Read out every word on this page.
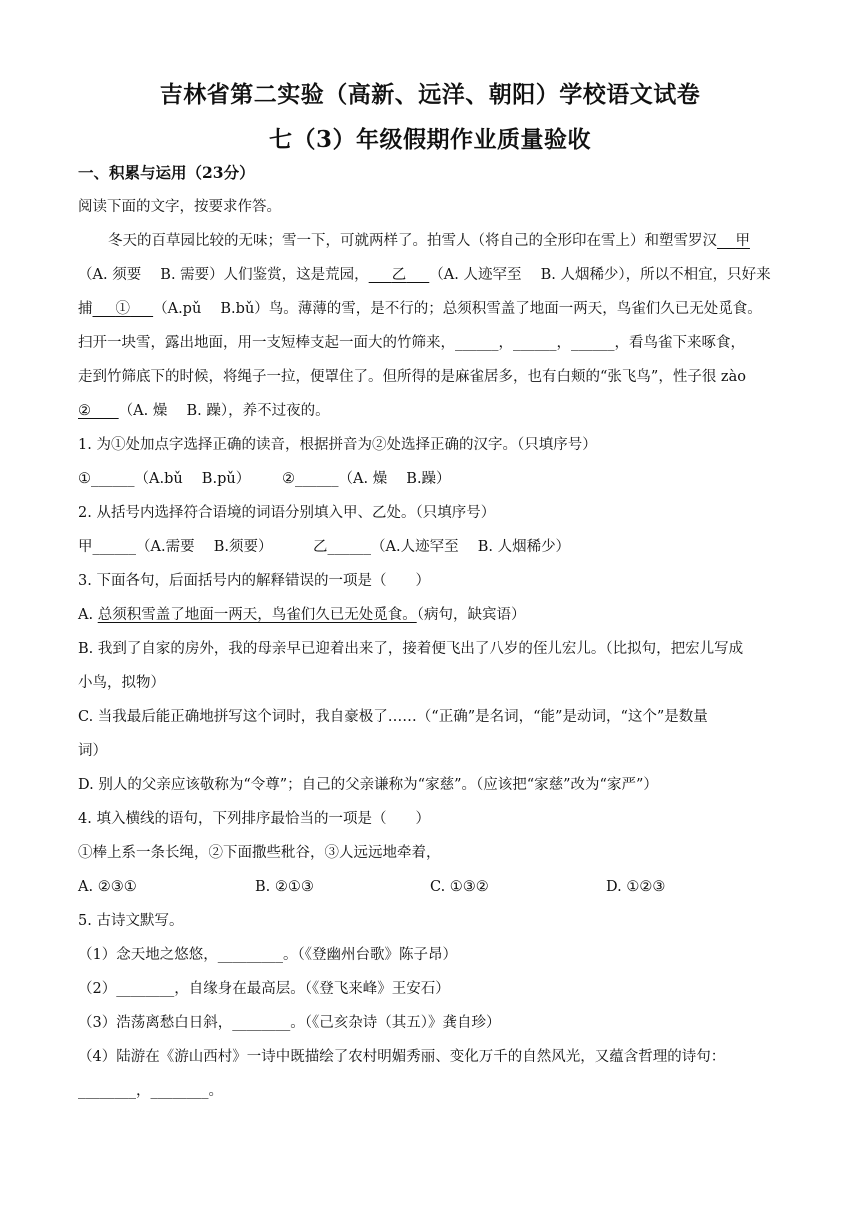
吉林省第二实验（高新、远洋、朝阳）学校语文试卷
七（3）年级假期作业质量验收
一、积累与运用（23分）
阅读下面的文字，按要求作答。
冬天的百草园比较的无味；雪一下，可就两样了。拍雪人（将自己的全形印在雪上）和塑雪罗汉 甲
（A. 须要　 B. 需要）人们鉴赏，这是荒园， 乙 （A. 人迹罕至　 B. 人烟稀少），所以不相宜，只好来
捕 ① （A.pǔ　 B.bǔ）鸟。薄薄的雪，是不行的；总须积雪盖了地面一两天，鸟雀们久已无处觅食。
扫开一块雪，露出地面，用一支短棒支起一面大的竹筛来，______，______，______，看鸟雀下来啄食，
走到竹筛底下的时候，将绳子一拉，便罩住了。但所得的是麻雀居多，也有白颊的“张飞鸟”，性子很 zào
② （A. 燥　 B. 躁），养不过夜的。
1. 为①处加点字选择正确的读音，根据拼音为②处选择正确的汉字。（只填序号）
①______（A.bǔ　 B.pǔ） ②______（A. 燥　 B.躁）
2. 从括号内选择符合语境的词语分别填入甲、乙处。（只填序号）
甲______（A.需要　 B.须要）	乙______（A.人迹罕至　 B. 人烟稀少）
3. 下面各句，后面括号内的解释错误的一项是（　　）
A. 总须积雪盖了地面一两天，鸟雀们久已无处觅食。（病句，缺宾语）
B. 我到了自家的房外，我的母亲早已迎着出来了，接着便飞出了八岁的侄儿宏儿。（比拟句，把宏儿写成
小鸟，拟物）
C. 当我最后能正确地拼写这个词时，我自豪极了……（“正确”是名词，“能”是动词，“这个”是数量
词）
D. 别人的父亲应该敬称为“令尊”；自己的父亲谦称为“家慈”。（应该把“家慈”改为“家严”）
4. 填入横线的语句，下列排序最恰当的一项是（　　）
①棒上系一条长绳，②下面撒些秕谷，③人远远地牵着，
A. ②③①	B. ②①③	C. ①③②	D. ①②③
5. 古诗文默写。
（1）念天地之悠悠，_________。（《登幽州台歌》陈子昂）
（2）________，自缘身在最高层。（《登飞来峰》王安石）
（3）浩荡离愁白日斜，________。（《己亥杂诗（其五）》龚自珍）
（4）陆游在《游山西村》一诗中既描绘了农村明媚秀丽、变化万千的自然风光，又蕴含哲理的诗句：
________，________。
